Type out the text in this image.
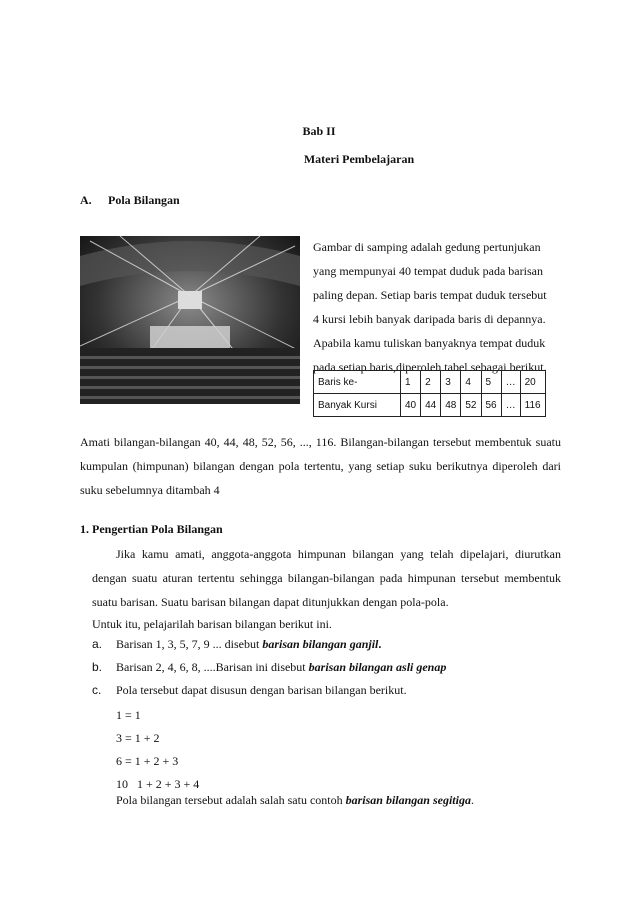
Bab II
Materi Pembelajaran
A. Pola Bilangan
Gambar di samping adalah gedung pertunjukan
yang mempunyai 40 tempat duduk pada barisan
paling depan. Setiap baris tempat duduk tersebut
4 kursi lebih banyak daripada baris di depannya.
Apabila kamu tuliskan banyaknya tempat duduk
pada setiap baris,diperoleh tabel sebagai berikut.
Baris ke-	1	2	3	4	5	…	20
Banyak Kursi	40	44	48	52	56	…	116
Amati bilangan-bilangan 40, 44, 48, 52, 56, ..., 116. Bilangan-bilangan tersebut membentuk suatu kumpulan (himpunan) bilangan dengan pola tertentu, yang setiap suku berikutnya diperoleh dari suku sebelumnya ditambah 4
1. Pengertian Pola Bilangan
Jika kamu amati, anggota-anggota himpunan bilangan yang telah dipelajari, diurutkan dengan suatu aturan tertentu sehingga bilangan-bilangan pada himpunan tersebut membentuk suatu barisan. Suatu barisan bilangan dapat ditunjukkan dengan pola-pola.
Untuk itu, pelajarilah barisan bilangan berikut ini.
a. Barisan 1, 3, 5, 7, 9 ... disebut barisan bilangan ganjil.
b. Barisan 2, 4, 6, 8, ....Barisan ini disebut barisan bilangan asli genap
c. Pola tersebut dapat disusun dengan barisan bilangan berikut.
1 = 1
3 = 1 + 2
6 = 1 + 2 + 3
10   1 + 2 + 3 + 4
Pola bilangan tersebut adalah salah satu contoh barisan bilangan segitiga.
